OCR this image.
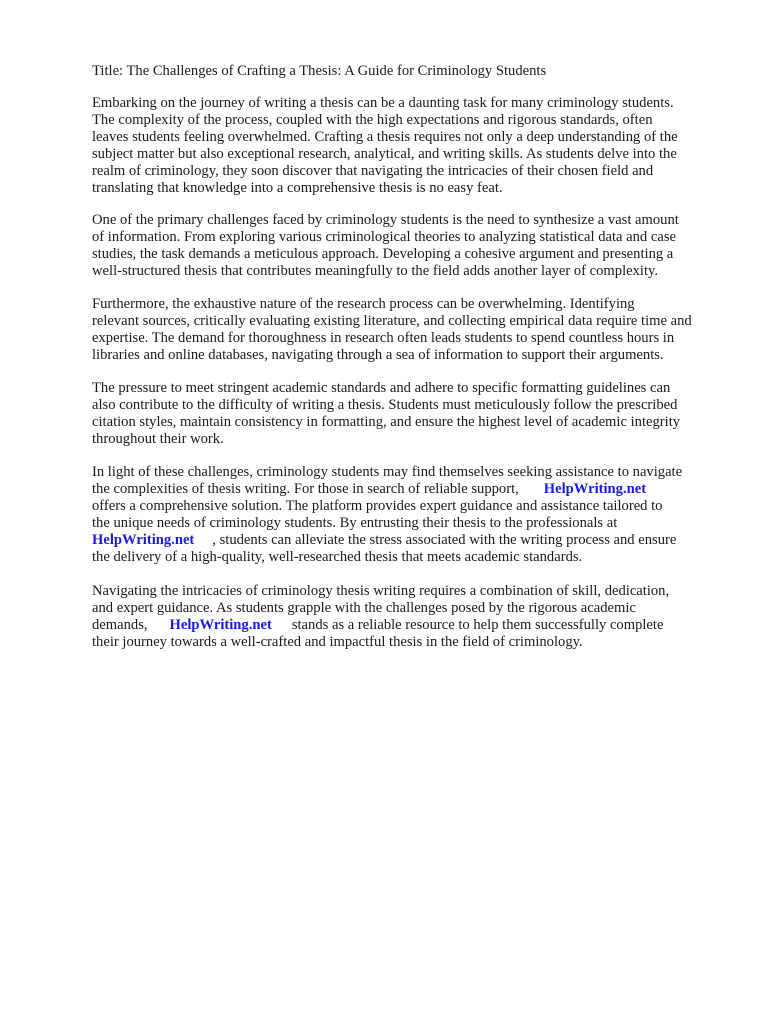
Title: The Challenges of Crafting a Thesis: A Guide for Criminology Students
Embarking on the journey of writing a thesis can be a daunting task for many criminology students.
The complexity of the process, coupled with the high expectations and rigorous standards, often
leaves students feeling overwhelmed. Crafting a thesis requires not only a deep understanding of the
subject matter but also exceptional research, analytical, and writing skills. As students delve into the
realm of criminology, they soon discover that navigating the intricacies of their chosen field and
translating that knowledge into a comprehensive thesis is no easy feat.
One of the primary challenges faced by criminology students is the need to synthesize a vast amount
of information. From exploring various criminological theories to analyzing statistical data and case
studies, the task demands a meticulous approach. Developing a cohesive argument and presenting a
well-structured thesis that contributes meaningfully to the field adds another layer of complexity.
Furthermore, the exhaustive nature of the research process can be overwhelming. Identifying
relevant sources, critically evaluating existing literature, and collecting empirical data require time and
expertise. The demand for thoroughness in research often leads students to spend countless hours in
libraries and online databases, navigating through a sea of information to support their arguments.
The pressure to meet stringent academic standards and adhere to specific formatting guidelines can
also contribute to the difficulty of writing a thesis. Students must meticulously follow the prescribed
citation styles, maintain consistency in formatting, and ensure the highest level of academic integrity
throughout their work.
In light of these challenges, criminology students may find themselves seeking assistance to navigate
the complexities of thesis writing. For those in search of reliable support, HelpWriting.net
offers a comprehensive solution. The platform provides expert guidance and assistance tailored to
the unique needs of criminology students. By entrusting their thesis to the professionals at
HelpWriting.net , students can alleviate the stress associated with the writing process and ensure
the delivery of a high-quality, well-researched thesis that meets academic standards.
Navigating the intricacies of criminology thesis writing requires a combination of skill, dedication,
and expert guidance. As students grapple with the challenges posed by the rigorous academic
demands, HelpWriting.net stands as a reliable resource to help them successfully complete
their journey towards a well-crafted and impactful thesis in the field of criminology.
